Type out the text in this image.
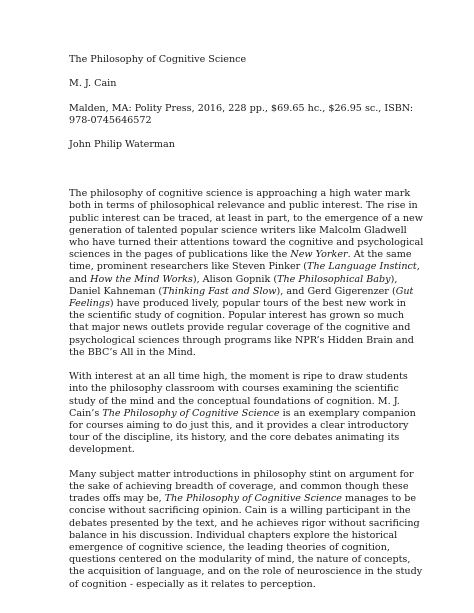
The Philosophy of Cognitive Science

M. J. Cain

Malden, MA: Polity Press, 2016, 228 pp., $69.65 hc., $26.95 sc., ISBN: 978-0745646572

John Philip Waterman

The philosophy of cognitive science is approaching a high water mark both in terms of philosophical relevance and public interest. The rise in public interest can be traced, at least in part, to the emergence of a new generation of talented popular science writers like Malcolm Gladwell who have turned their attentions toward the cognitive and psychological sciences in the pages of publications like the New Yorker. At the same time, prominent researchers like Steven Pinker (The Language Instinct, and How the Mind Works), Alison Gopnik (The Philosophical Baby), Daniel Kahneman (Thinking Fast and Slow), and Gerd Gigerenzer (Gut Feelings) have produced lively, popular tours of the best new work in the scientific study of cognition. Popular interest has grown so much that major news outlets provide regular coverage of the cognitive and psychological sciences through programs like NPR’s Hidden Brain and the BBC’s All in the Mind.

With interest at an all time high, the moment is ripe to draw students into the philosophy classroom with courses examining the scientific study of the mind and the conceptual foundations of cognition. M. J. Cain’s The Philosophy of Cognitive Science is an exemplary companion for courses aiming to do just this, and it provides a clear introductory tour of the discipline, its history, and the core debates animating its development.

Many subject matter introductions in philosophy stint on argument for the sake of achieving breadth of coverage, and common though these trades offs may be, The Philosophy of Cognitive Science manages to be concise without sacrificing opinion. Cain is a willing participant in the debates presented by the text, and he achieves rigor without sacrificing balance in his discussion. Individual chapters explore the historical emergence of cognitive science, the leading theories of cognition, questions centered on the modularity of mind, the nature of concepts, the acquisition of language, and on the role of neuroscience in the study of cognition - especially as it relates to perception.
